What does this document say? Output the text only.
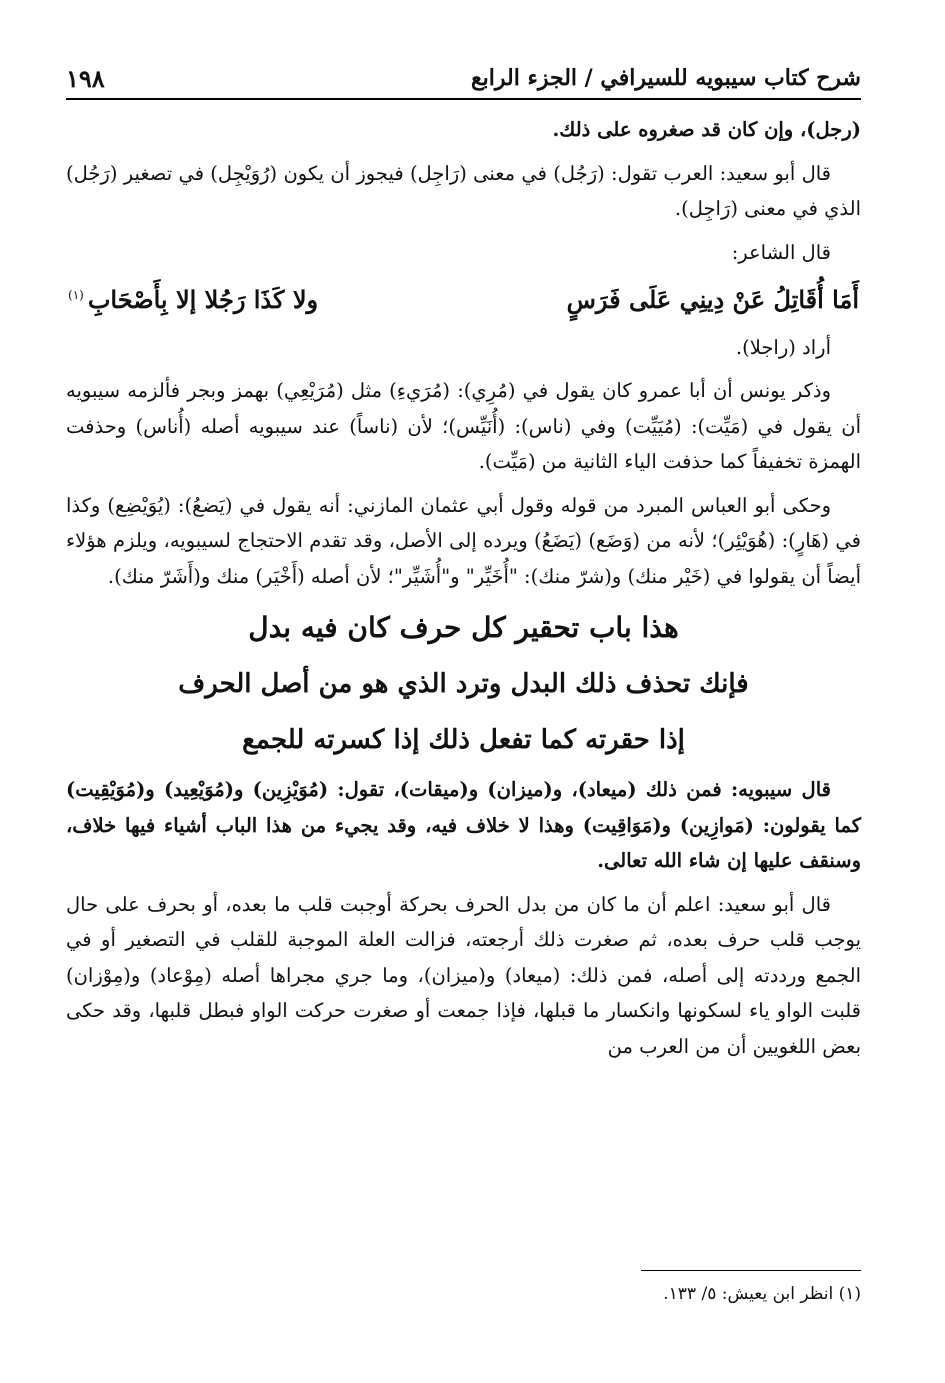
شرح كتاب سيبويه للسيرافي / الجزء الرابع
١٩٨

(رجل)، وإن كان قد صغروه على ذلك.

قال أبو سعيد: العرب تقول: (رَجُل) في معنى (رَاجِل) فيجوز أن يكون (رُوَيْجِل) في تصغير (رَجُل) الذي في معنى (رَاجِل).

قال الشاعر:

أَمَا أُقَاتِلُ عَنْ دِينِي عَلَى فَرَسٍ
ولا كَذَا رَجُلا إلا بِأَصْحَابِ$^{(١)}$

أراد (راجلا).

وذكر يونس أن أبا عمرو كان يقول في (مُرِي): (مُرَيءِ) مثل (مُرَيْعِي) بهمز وبجر فألزمه سيبويه أن يقول في (مَيِّت): (مُيَيِّت) وفي (ناس): (أُنَيِّس)؛ لأن (ناساً) عند سيبويه أصله (أُناس) وحذفت الهمزة تخفيفاً كما حذفت الياء الثانية من (مَيِّت).

وحكى أبو العباس المبرد من قوله وقول أبي عثمان المازني: أنه يقول في (يَضعُ): (يُوَيْضِع) وكذا في (هَارٍ): (هُوَيْئِر)؛ لأنه من (وَضَع) (يَضَعُ) ويرده إلى الأصل، وقد تقدم الاحتجاج لسيبويه، ويلزم هؤلاء أيضاً أن يقولوا في (خَيْر منك) و(شرّ منك): "أُخَيِّر" و"أُشَيِّر"؛ لأن أصله (أَخْيَر) منك و(أَشَرّ منك).

هذا باب تحقير كل حرف كان فيه بدل

فإنك تحذف ذلك البدل وترد الذي هو من أصل الحرف

إذا حقرته كما تفعل ذلك إذا كسرته للجمع

قال سيبويه: فمن ذلك (ميعاد)، و(ميزان) و(ميقات)، تقول: (مُوَيْزِين) و(مُوَيْعِيد) و(مُوَيْقِيت) كما يقولون: (مَوازِين) و(مَوَاقِيت) وهذا لا خلاف فيه، وقد يجيء من هذا الباب أشياء فيها خلاف، وسنقف عليها إن شاء الله تعالى.

قال أبو سعيد: اعلم أن ما كان من بدل الحرف بحركة أوجبت قلب ما بعده، أو بحرف على حال يوجب قلب حرف بعده، ثم صغرت ذلك أرجعته، فزالت العلة الموجبة للقلب في التصغير أو في الجمع ورددته إلى أصله، فمن ذلك: (ميعاد) و(ميزان)، وما جري مجراها أصله (مِوْعاد) و(مِوْزان) قلبت الواو ياء لسكونها وانكسار ما قبلها، فإذا جمعت أو صغرت حركت الواو فبطل قلبها، وقد حكى بعض اللغويين أن من العرب من

(١) انظر ابن يعيش: ٥/ ١٣٣.
